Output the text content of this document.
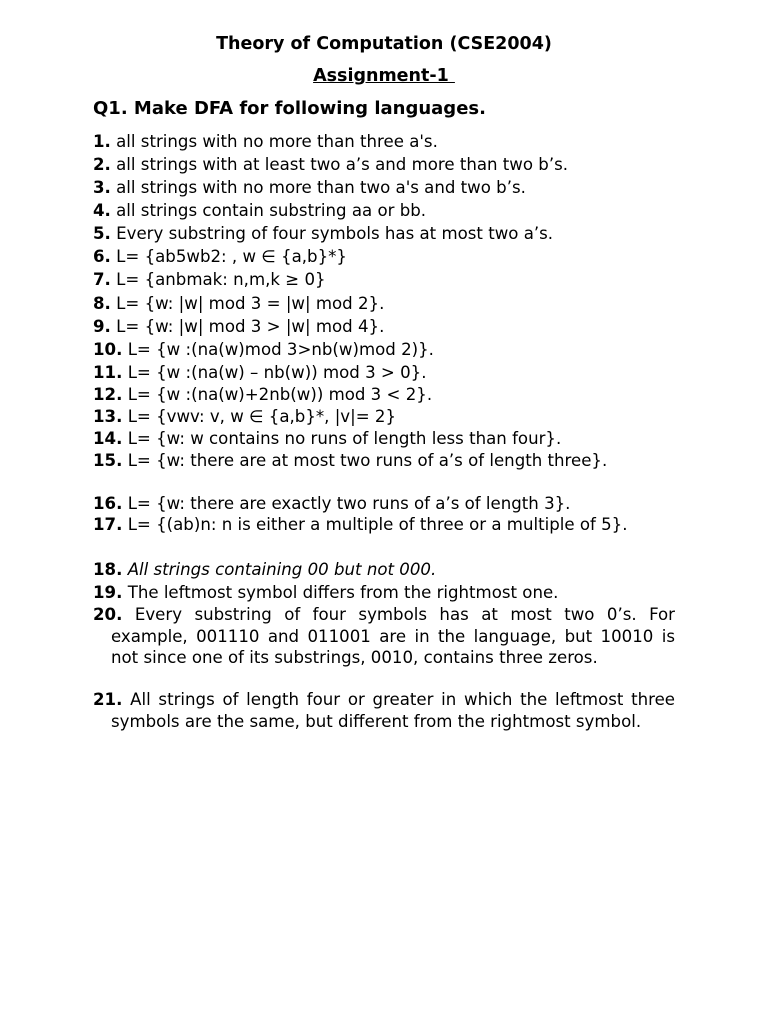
Theory of Computation (CSE2004)
Assignment-1
Q1. Make DFA for following languages.
1. all strings with no more than three a's.
2. all strings with at least two a’s and more than two b’s.
3. all strings with no more than two a's and two b’s.
4. all strings contain substring aa or bb.
5. Every substring of four symbols has at most two a’s.
6. L= {ab5wb2: , w ∈ {a,b}*}
7. L= {anbmak: n,m,k ≥ 0}
8. L= {w: |w| mod 3 = |w| mod 2}.
9. L= {w: |w| mod 3 > |w| mod 4}.
10. L= {w :(na(w)mod 3>nb(w)mod 2)}.
11. L= {w :(na(w) – nb(w)) mod 3 > 0}.
12. L= {w :(na(w)+2nb(w)) mod 3 < 2}.
13. L= {vwv: v, w ∈ {a,b}*, |v|= 2}
14. L= {w: w contains no runs of length less than four}.
15. L= {w: there are at most two runs of a’s of length three}.
16. L= {w: there are exactly two runs of a’s of length 3}.
17. L= {(ab)n: n is either a multiple of three or a multiple of 5}.
18. All strings containing 00 but not 000.
19. The leftmost symbol differs from the rightmost one.
20. Every substring of four symbols has at most two 0’s. For example, 001110 and 011001 are in the language, but 10010 is not since one of its substrings, 0010, contains three zeros.
21. All strings of length four or greater in which the leftmost three symbols are the same, but different from the rightmost symbol.
